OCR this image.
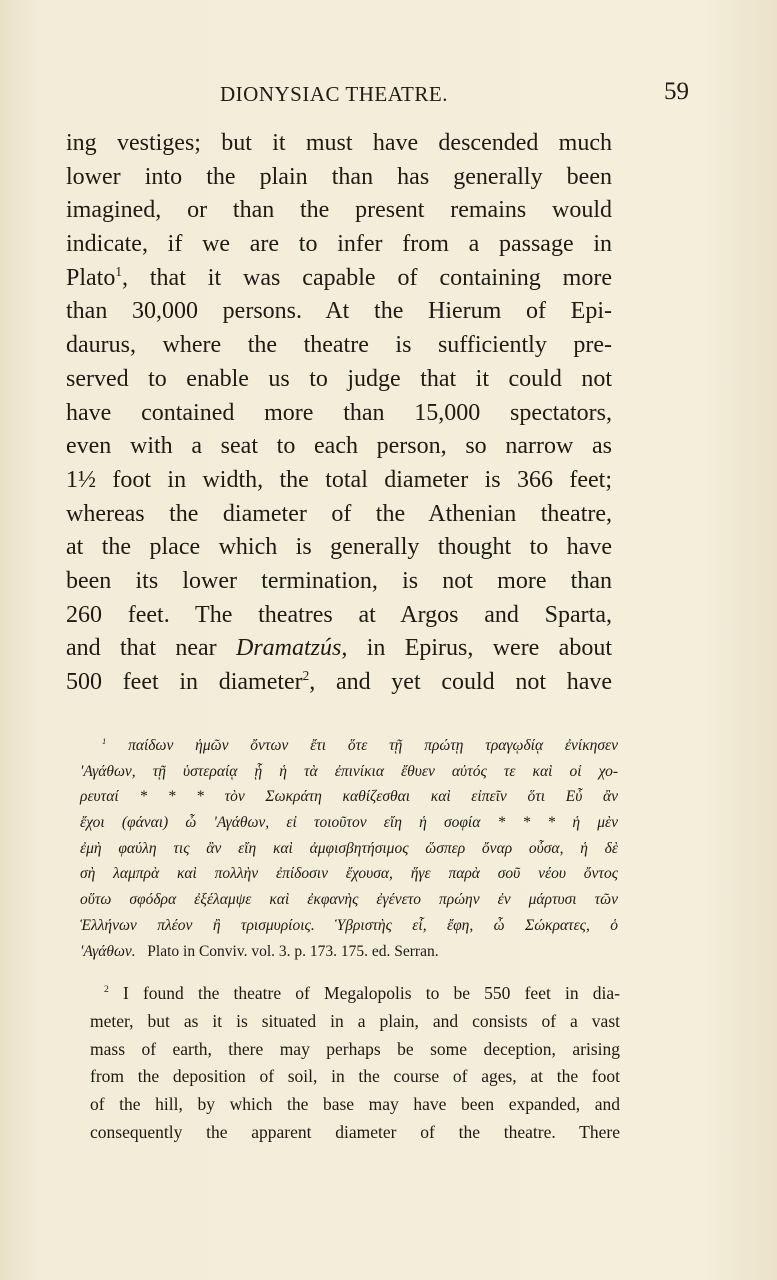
DIONYSIAC THEATRE.	59
ing vestiges; but it must have descended much
lower into the plain than has generally been
imagined, or than the present remains would
indicate, if we are to infer from a passage in
Plato$^1$, that it was capable of containing more
than 30,000 persons. At the Hierum of Epi-
daurus, where the theatre is sufficiently pre-
served to enable us to judge that it could not
have contained more than 15,000 spectators,
even with a seat to each person, so narrow as
1½ foot in width, the total diameter is 366 feet;
whereas the diameter of the Athenian theatre,
at the place which is generally thought to have
been its lower termination, is not more than
260 feet. The theatres at Argos and Sparta,
and that near Dramatzús, in Epirus, were about
500 feet in diameter$^2$, and yet could not have
$^1$ παίδων ἡμῶν ὄντων ἔτι ὅτε τῇ πρώτῃ τραγῳδίᾳ ἐνίκησεν
'Αγάθων, τῇ ὑστεραίᾳ ᾗ ἡ τὰ ἐπινίκια ἔθυεν αὐτός τε καὶ οἱ χο-
ρευταί * * * τὸν Σωκράτη καθίζεσθαι καὶ εἰπεῖν ὅτι Εὖ ἂν
ἔχοι (φάναι) ὦ 'Αγάθων, εἰ τοιοῦτον εἴη ἡ σοφία * * * ἡ μὲν
ἐμὴ φαύλη τις ἂν εἴη καὶ ἀμφισβητήσιμος ὥσπερ ὄναρ οὖσα, ἡ δὲ
σὴ λαμπρὰ καὶ πολλὴν ἐπίδοσιν ἔχουσα, ἥγε παρὰ σοῦ νέου ὄντος
οὕτω σφόδρα ἐξέλαμψε καὶ ἐκφανὴς ἐγένετο πρώην ἐν μάρτυσι τῶν
Ἑλλήνων πλέον ἢ τρισμυρίοις. Ὑβριστὴς εἶ, ἔφη, ὦ Σώκρατες, ὁ
'Αγάθων. Plato in Conviv. vol. 3. p. 173. 175. ed. Serran.
$^2$ I found the theatre of Megalopolis to be 550 feet in dia-
meter, but as it is situated in a plain, and consists of a vast
mass of earth, there may perhaps be some deception, arising
from the deposition of soil, in the course of ages, at the foot
of the hill, by which the base may have been expanded, and
consequently the apparent diameter of the theatre. There
